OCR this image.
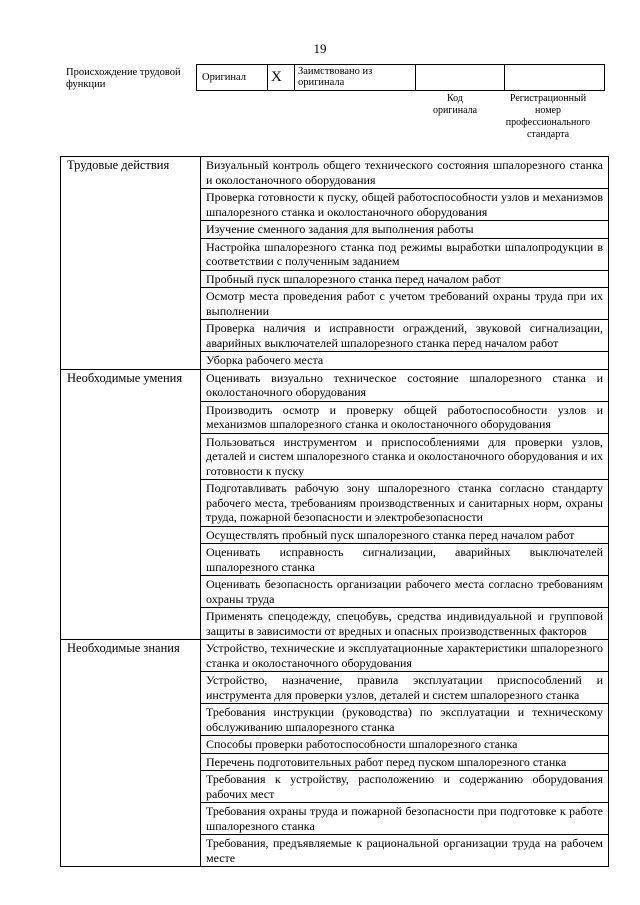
19
Происхождение трудовой функции
Оригинал	X	Заимствовано из оригинала		
Код оригинала
Регистрационный номер профессионального стандарта
Трудовые действия	Визуальный контроль общего технического состояния шпалорезного станка и околостаночного оборудования
	Проверка готовности к пуску, общей работоспособности узлов и механизмов шпалорезного станка и околостаночного оборудования
	Изучение сменного задания для выполнения работы
	Настройка шпалорезного станка под режимы выработки шпалопродукции в соответствии с полученным заданием
	Пробный пуск шпалорезного станка перед началом работ
	Осмотр места проведения работ с учетом требований охраны труда при их выполнении
	Проверка наличия и исправности ограждений, звуковой сигнализации, аварийных выключателей шпалорезного станка перед началом работ
	Уборка рабочего места
Необходимые умения	Оценивать визуально техническое состояние шпалорезного станка и околостаночного оборудования
	Производить осмотр и проверку общей работоспособности узлов и механизмов шпалорезного станка и околостаночного оборудования
	Пользоваться инструментом и приспособлениями для проверки узлов, деталей и систем шпалорезного станка и околостаночного оборудования и их готовности к пуску
	Подготавливать рабочую зону шпалорезного станка согласно стандарту рабочего места, требованиям производственных и санитарных норм, охраны труда, пожарной безопасности и электробезопасности
	Осуществлять пробный пуск шпалорезного станка перед началом работ
	Оценивать исправность сигнализации, аварийных выключателей шпалорезного станка
	Оценивать безопасность организации рабочего места согласно требованиям охраны труда
	Применять спецодежду, спецобувь, средства индивидуальной и групповой защиты в зависимости от вредных и опасных производственных факторов
Необходимые знания	Устройство, технические и эксплуатационные характеристики шпалорезного станка и околостаночного оборудования
	Устройство, назначение, правила эксплуатации приспособлений и инструмента для проверки узлов, деталей и систем шпалорезного станка
	Требования инструкции (руководства) по эксплуатации и техническому обслуживанию шпалорезного станка
	Способы проверки работоспособности шпалорезного станка
	Перечень подготовительных работ перед пуском шпалорезного станка
	Требования к устройству, расположению и содержанию оборудования рабочих мест
	Требования охраны труда и пожарной безопасности при подготовке к работе шпалорезного станка
	Требования, предъявляемые к рациональной организации труда на рабочем месте
